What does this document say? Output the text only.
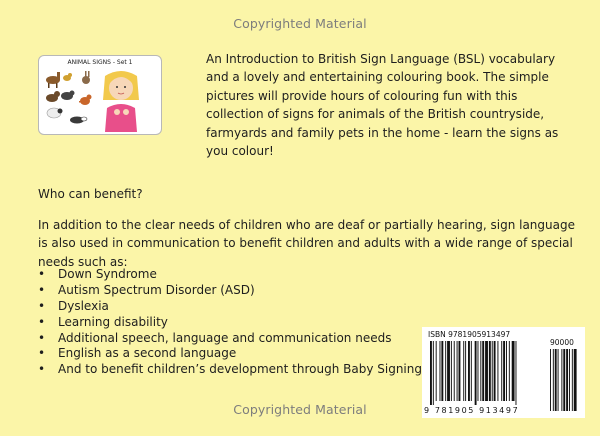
Copyrighted Material
ANIMAL SIGNS - Set 1	An Introduction to British Sign Language (BSL) vocabulary and a lovely and entertaining colouring book. The simple pictures will provide hours of colouring fun with this collection of signs for animals of the British countryside, farmyards and family pets in the home - learn the signs as you colour!

Who can benefit?

In addition to the clear needs of children who are deaf or partially hearing, sign language is also used in communication to benefit children and adults with a wide range of special needs such as:

• Down Syndrome
• Autism Spectrum Disorder (ASD)
• Dyslexia
• Learning disability
• Additional speech, language and communication needs
• English as a second language
• And to benefit children’s development through Baby Signing
ISBN 9781905913497
90000
9 781905 913497
Copyrighted Material
